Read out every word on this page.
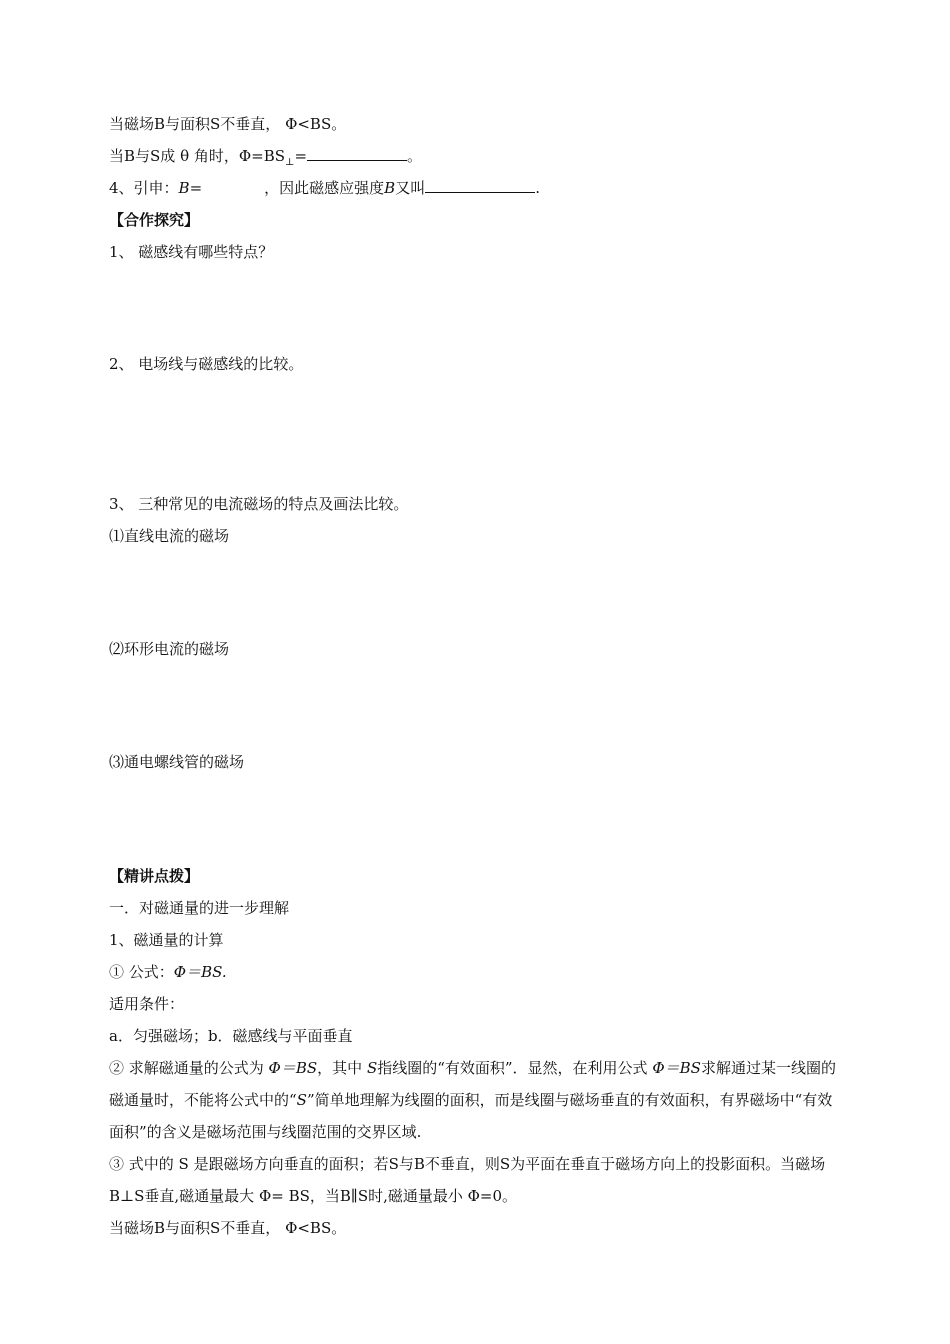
当磁场B与面积S不垂直， Φ<BS。
当B与S成 θ 角时，$\Phi=BS_\perp=$	。
4、引申：B=	，因此磁感应强度B又叫	.
【合作探究】
1、 磁感线有哪些特点？
2、 电场线与磁感线的比较。
3、 三种常见的电流磁场的特点及画法比较。
⑴直线电流的磁场
⑵环形电流的磁场
⑶通电螺线管的磁场
【精讲点拨】
一．对磁通量的进一步理解
1、磁通量的计算
① 公式：Φ＝BS.
适用条件：
a．匀强磁场；b．磁感线与平面垂直
② 求解磁通量的公式为 Φ＝BS，其中 S指线圈的“有效面积”．显然，在利用公式 Φ＝BS求解通过某一线圈的磁通量时，不能将公式中的“S”简单地理解为线圈的面积，而是线圈与磁场垂直的有效面积，有界磁场中“有效面积”的含义是磁场范围与线圈范围的交界区域.
③ 式中的 S 是跟磁场方向垂直的面积；若S与B不垂直，则S为平面在垂直于磁场方向上的投影面积。当磁场B⊥S垂直,磁通量最大 Φ= BS，当B∥S时,磁通量最小 Φ=0。
当磁场B与面积S不垂直， Φ<BS。
